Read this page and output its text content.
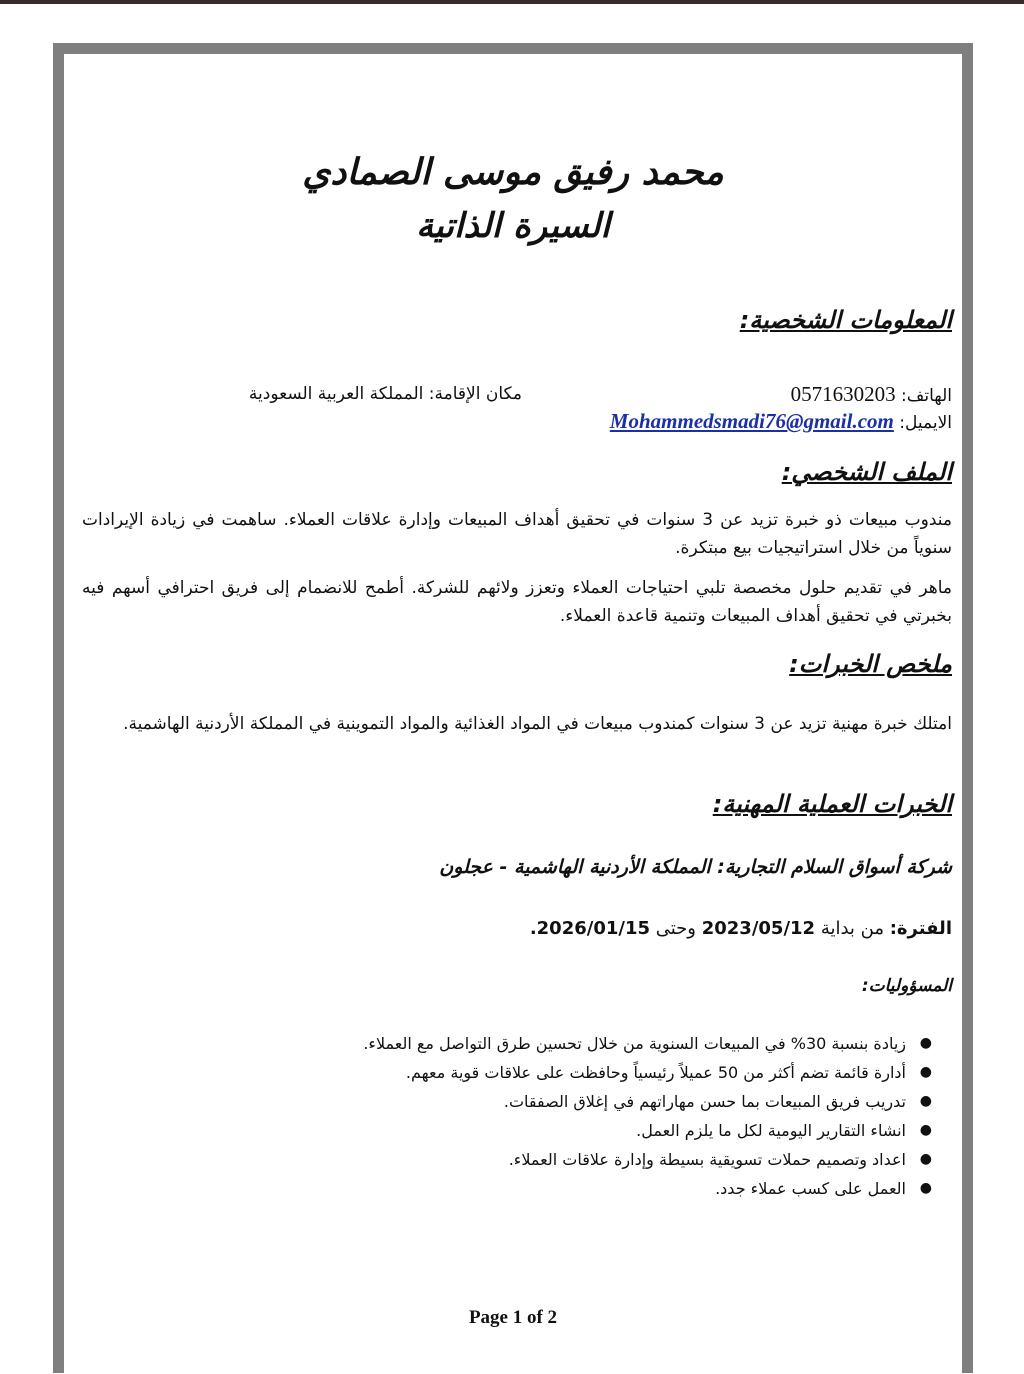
محمد رفيق موسى الصمادي
السيرة الذاتية
المعلومات الشخصية:
الهاتف: 0571630203
مكان الإقامة: المملكة العربية السعودية
الايميل: Mohammedsmadi76@gmail.com
الملف الشخصي:
مندوب مبيعات ذو خبرة تزيد عن 3 سنوات في تحقيق أهداف المبيعات وإدارة علاقات العملاء. ساهمت في زيادة الإيرادات سنوياً من خلال استراتيجيات بيع مبتكرة.
ماهر في تقديم حلول مخصصة تلبي احتياجات العملاء وتعزز ولائهم للشركة. أطمح للانضمام إلى فريق احترافي أسهم فيه بخبرتي في تحقيق أهداف المبيعات وتنمية قاعدة العملاء.
ملخص الخبرات:
امتلك خبرة مهنية تزيد عن 3 سنوات كمندوب مبيعات في المواد الغذائية والمواد التموينية في المملكة الأردنية الهاشمية.
الخبرات العملية المهنية:
شركة أسواق السلام التجارية: المملكة الأردنية الهاشمية - عجلون
الفترة: من بداية 2023/05/12 وحتى 2026/01/15.
المسؤوليات:
●
زيادة بنسبة 30% في المبيعات السنوية من خلال تحسين طرق التواصل مع العملاء.
●
أدارة قائمة تضم أكثر من 50 عميلاً رئيسياً وحافظت على علاقات قوية معهم.
●
تدريب فريق المبيعات بما حسن مهاراتهم في إغلاق الصفقات.
●
انشاء التقارير اليومية لكل ما يلزم العمل.
●
اعداد وتصميم حملات تسويقية بسيطة وإدارة علاقات العملاء.
●
العمل على كسب عملاء جدد.
Page 1 of 2
